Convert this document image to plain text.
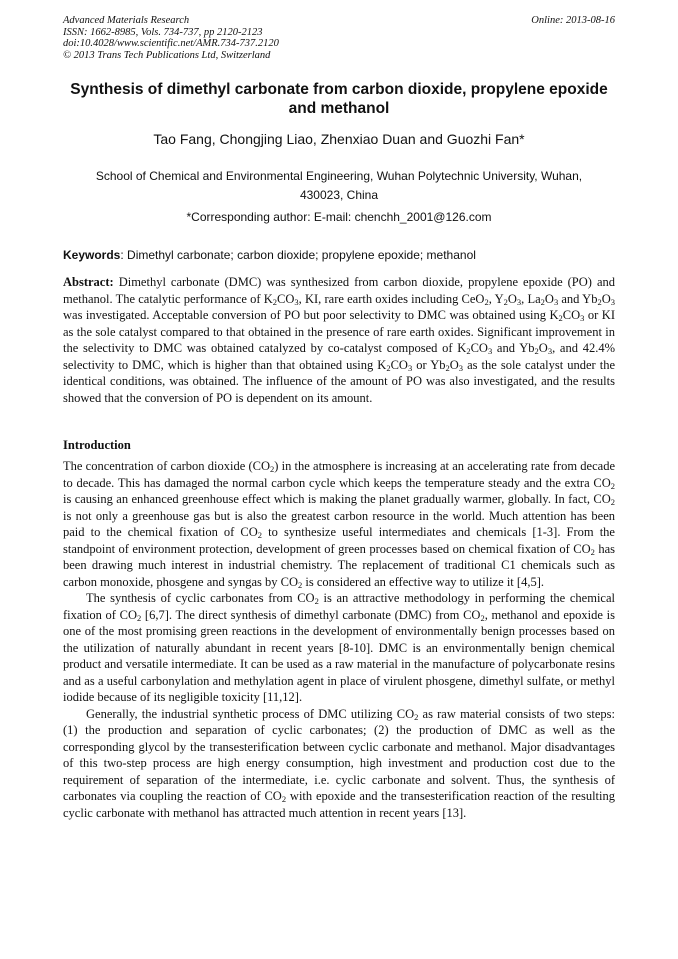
Advanced Materials Research
ISSN: 1662-8985, Vols. 734-737, pp 2120-2123
doi:10.4028/www.scientific.net/AMR.734-737.2120
© 2013 Trans Tech Publications Ltd, Switzerland
Online: 2013-08-16
Synthesis of dimethyl carbonate from carbon dioxide, propylene epoxide and methanol
Tao Fang, Chongjing Liao, Zhenxiao Duan and Guozhi Fan*
School of Chemical and Environmental Engineering, Wuhan Polytechnic University, Wuhan, 430023, China
*Corresponding author: E-mail: chenchh_2001@126.com
Keywords: Dimethyl carbonate; carbon dioxide; propylene epoxide; methanol
Abstract: Dimethyl carbonate (DMC) was synthesized from carbon dioxide, propylene epoxide (PO) and methanol. The catalytic performance of $K_2CO_3$, KI, rare earth oxides including CeO$_2$, $Y_2O_3$, $La_2O_3$ and $Yb_2O_3$ was investigated. Acceptable conversion of PO but poor selectivity to DMC was obtained using $K_2CO_3$ or KI as the sole catalyst compared to that obtained in the presence of rare earth oxides. Significant improvement in the selectivity to DMC was obtained catalyzed by co-catalyst composed of $K_2CO_3$ and $Yb_2O_3$, and 42.4% selectivity to DMC, which is higher than that obtained using $K_2CO_3$ or $Yb_2O_3$ as the sole catalyst under the identical conditions, was obtained. The influence of the amount of PO was also investigated, and the results showed that the conversion of PO is dependent on its amount.
Introduction

The concentration of carbon dioxide $(CO_2)$ in the atmosphere is increasing at an accelerating rate from decade to decade. This has damaged the normal carbon cycle which keeps the temperature steady and the extra $CO_2$ is causing an enhanced greenhouse effect which is making the planet gradually warmer, globally. In fact, $CO_2$ is not only a greenhouse gas but is also the greatest carbon resource in the world. Much attention has been paid to the chemical fixation of $CO_2$ to synthesize useful intermediates and chemicals [1-3]. From the standpoint of environment protection, development of green processes based on chemical fixation of $CO_2$ has been drawing much interest in industrial chemistry. The replacement of traditional C1 chemicals such as carbon monoxide, phosgene and syngas by $CO_2$ is considered an effective way to utilize it [4,5].

The synthesis of cyclic carbonates from $CO_2$ is an attractive methodology in performing the chemical fixation of $CO_2$ [6,7]. The direct synthesis of dimethyl carbonate (DMC) from $CO_2$, methanol and epoxide is one of the most promising green reactions in the development of environmentally benign processes based on the utilization of naturally abundant in recent years [8-10]. DMC is an environmentally benign chemical product and versatile intermediate. It can be used as a raw material in the manufacture of polycarbonate resins and as a useful carbonylation and methylation agent in place of virulent phosgene, dimethyl sulfate, or methyl iodide because of its negligible toxicity [11,12].

Generally, the industrial synthetic process of DMC utilizing $CO_2$ as raw material consists of two steps: (1) the production and separation of cyclic carbonates; (2) the production of DMC as well as the corresponding glycol by the transesterification between cyclic carbonate and methanol. Major disadvantages of this two-step process are high energy consumption, high investment and production cost due to the requirement of separation of the intermediate, i.e. cyclic carbonate and solvent. Thus, the synthesis of carbonates via coupling the reaction of $CO_2$ with epoxide and the transesterification reaction of the resulting cyclic carbonate with methanol has attracted much attention in recent years [13].
